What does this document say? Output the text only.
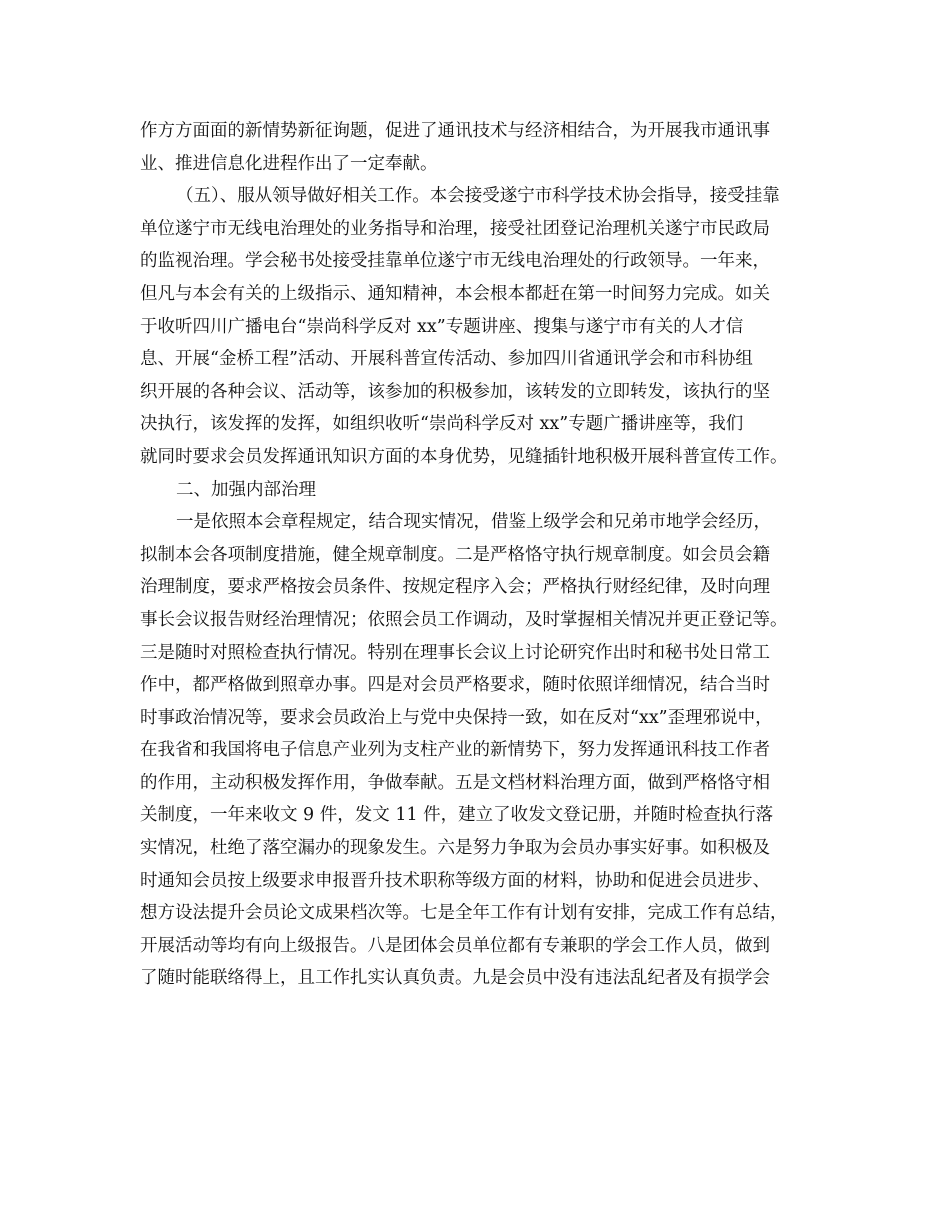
作方方面面的新情势新征询题，促进了通讯技术与经济相结合，为开展我市通讯事
业、推进信息化进程作出了一定奉献。
（五）、服从领导做好相关工作。本会接受遂宁市科学技术协会指导，接受挂靠
单位遂宁市无线电治理处的业务指导和治理，接受社团登记治理机关遂宁市民政局
的监视治理。学会秘书处接受挂靠单位遂宁市无线电治理处的行政领导。一年来，
但凡与本会有关的上级指示、通知精神，本会根本都赶在第一时间努力完成。如关
于收听四川广播电台“崇尚科学反对 xx”专题讲座、搜集与遂宁市有关的人才信
息、开展“金桥工程”活动、开展科普宣传活动、参加四川省通讯学会和市科协组
织开展的各种会议、活动等，该参加的积极参加，该转发的立即转发，该执行的坚
决执行，该发挥的发挥，如组织收听“崇尚科学反对 xx”专题广播讲座等，我们
就同时要求会员发挥通讯知识方面的本身优势，见缝插针地积极开展科普宣传工作。
二、加强内部治理
一是依照本会章程规定，结合现实情况，借鉴上级学会和兄弟市地学会经历，
拟制本会各项制度措施，健全规章制度。二是严格恪守执行规章制度。如会员会籍
治理制度，要求严格按会员条件、按规定程序入会；严格执行财经纪律，及时向理
事长会议报告财经治理情况；依照会员工作调动，及时掌握相关情况并更正登记等。
三是随时对照检查执行情况。特别在理事长会议上讨论研究作出时和秘书处日常工
作中，都严格做到照章办事。四是对会员严格要求，随时依照详细情况，结合当时
时事政治情况等，要求会员政治上与党中央保持一致，如在反对“xx”歪理邪说中，
在我省和我国将电子信息产业列为支柱产业的新情势下，努力发挥通讯科技工作者
的作用，主动积极发挥作用，争做奉献。五是文档材料治理方面，做到严格恪守相
关制度，一年来收文 9 件，发文 11 件，建立了收发文登记册，并随时检查执行落
实情况，杜绝了落空漏办的现象发生。六是努力争取为会员办事实好事。如积极及
时通知会员按上级要求申报晋升技术职称等级方面的材料，协助和促进会员进步、
想方设法提升会员论文成果档次等。七是全年工作有计划有安排，完成工作有总结，
开展活动等均有向上级报告。八是团体会员单位都有专兼职的学会工作人员，做到
了随时能联络得上，且工作扎实认真负责。九是会员中没有违法乱纪者及有损学会
